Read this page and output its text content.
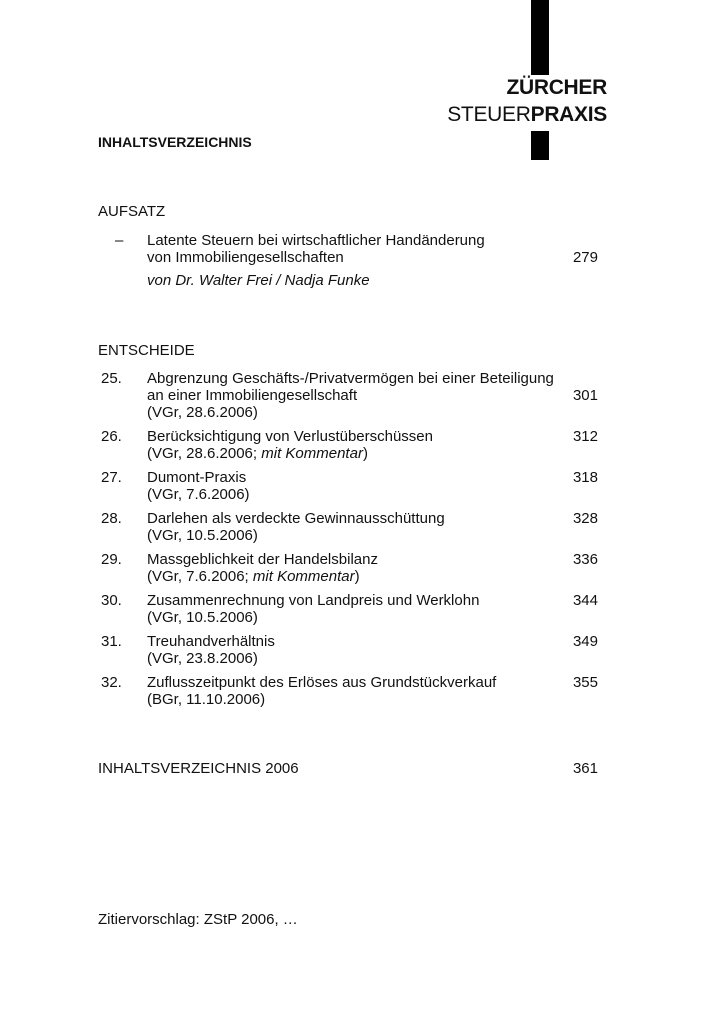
ZÜRCHER
STEUERPRAXIS
INHALTSVERZEICHNIS
AUFSATZ
– Latente Steuern bei wirtschaftlicher Handänderung
von Immobiliengesellschaften	279
von Dr. Walter Frei / Nadja Funke
ENTSCHEIDE
25. Abgrenzung Geschäfts-/Privatvermögen bei einer Beteiligung
an einer Immobiliengesellschaft	301
(VGr, 28.6.2006)
26. Berücksichtigung von Verlustüberschüssen	312
(VGr, 28.6.2006; mit Kommentar)
27. Dumont-Praxis	318
(VGr, 7.6.2006)
28. Darlehen als verdeckte Gewinnausschüttung	328
(VGr, 10.5.2006)
29. Massgeblichkeit der Handelsbilanz	336
(VGr, 7.6.2006; mit Kommentar)
30. Zusammenrechnung von Landpreis und Werklohn	344
(VGr, 10.5.2006)
31. Treuhandverhältnis	349
(VGr, 23.8.2006)
32. Zuflusszeitpunkt des Erlöses aus Grundstückverkauf	355
(BGr, 11.10.2006)
INHALTSVERZEICHNIS 2006	361
Zitiervorschlag: ZStP 2006, …
